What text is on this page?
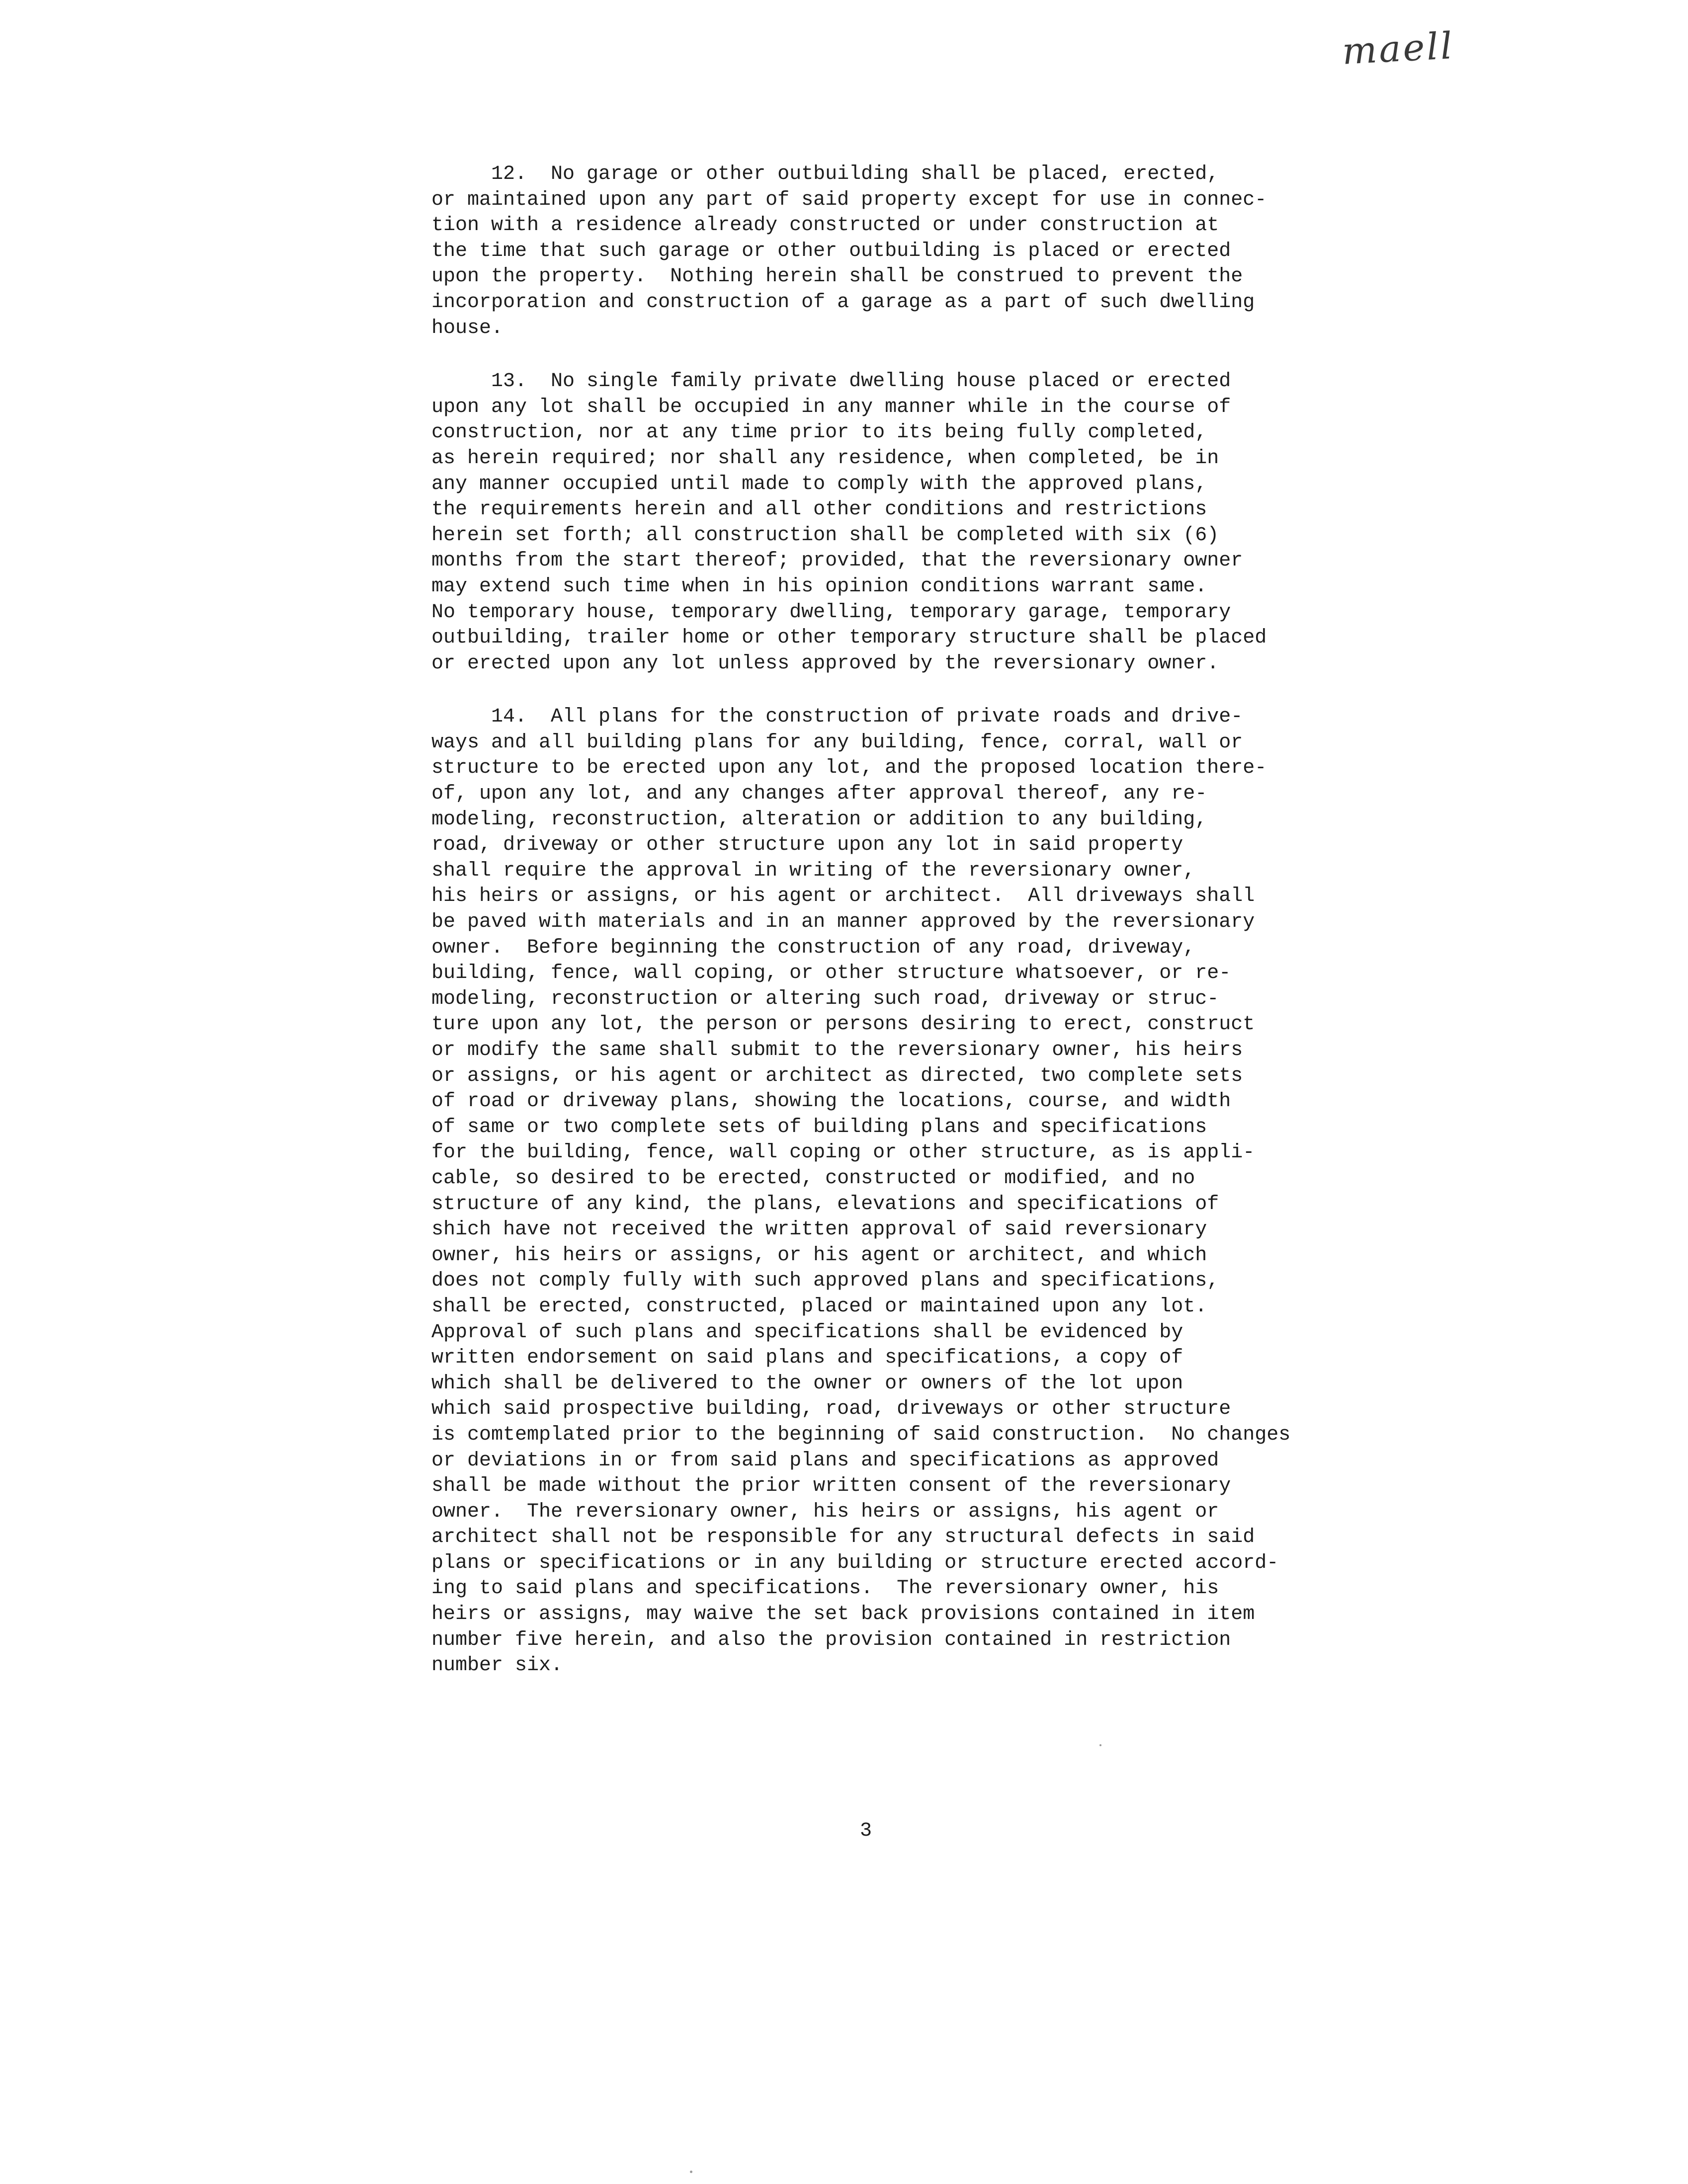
maell

12.  No garage or other outbuilding shall be placed, erected,
or maintained upon any part of said property except for use in connec-
tion with a residence already constructed or under construction at
the time that such garage or other outbuilding is placed or erected
upon the property.  Nothing herein shall be construed to prevent the
incorporation and construction of a garage as a part of such dwelling
house.

13.  No single family private dwelling house placed or erected
upon any lot shall be occupied in any manner while in the course of
construction, nor at any time prior to its being fully completed,
as herein required; nor shall any residence, when completed, be in
any manner occupied until made to comply with the approved plans,
the requirements herein and all other conditions and restrictions
herein set forth; all construction shall be completed with six (6)
months from the start thereof; provided, that the reversionary owner
may extend such time when in his opinion conditions warrant same.
No temporary house, temporary dwelling, temporary garage, temporary
outbuilding, trailer home or other temporary structure shall be placed
or erected upon any lot unless approved by the reversionary owner.

14.  All plans for the construction of private roads and drive-
ways and all building plans for any building, fence, corral, wall or
structure to be erected upon any lot, and the proposed location there-
of, upon any lot, and any changes after approval thereof, any re-
modeling, reconstruction, alteration or addition to any building,
road, driveway or other structure upon any lot in said property
shall require the approval in writing of the reversionary owner,
his heirs or assigns, or his agent or architect.  All driveways shall
be paved with materials and in an manner approved by the reversionary
owner.  Before beginning the construction of any road, driveway,
building, fence, wall coping, or other structure whatsoever, or re-
modeling, reconstruction or altering such road, driveway or struc-
ture upon any lot, the person or persons desiring to erect, construct
or modify the same shall submit to the reversionary owner, his heirs
or assigns, or his agent or architect as directed, two complete sets
of road or driveway plans, showing the locations, course, and width
of same or two complete sets of building plans and specifications
for the building, fence, wall coping or other structure, as is appli-
cable, so desired to be erected, constructed or modified, and no
structure of any kind, the plans, elevations and specifications of
shich have not received the written approval of said reversionary
owner, his heirs or assigns, or his agent or architect, and which
does not comply fully with such approved plans and specifications,
shall be erected, constructed, placed or maintained upon any lot.
Approval of such plans and specifications shall be evidenced by
written endorsement on said plans and specifications, a copy of
which shall be delivered to the owner or owners of the lot upon
which said prospective building, road, driveways or other structure
is comtemplated prior to the beginning of said construction.  No changes
or deviations in or from said plans and specifications as approved
shall be made without the prior written consent of the reversionary
owner.  The reversionary owner, his heirs or assigns, his agent or
architect shall not be responsible for any structural defects in said
plans or specifications or in any building or structure erected accord-
ing to said plans and specifications.  The reversionary owner, his
heirs or assigns, may waive the set back provisions contained in item
number five herein, and also the provision contained in restriction
number six.

3
